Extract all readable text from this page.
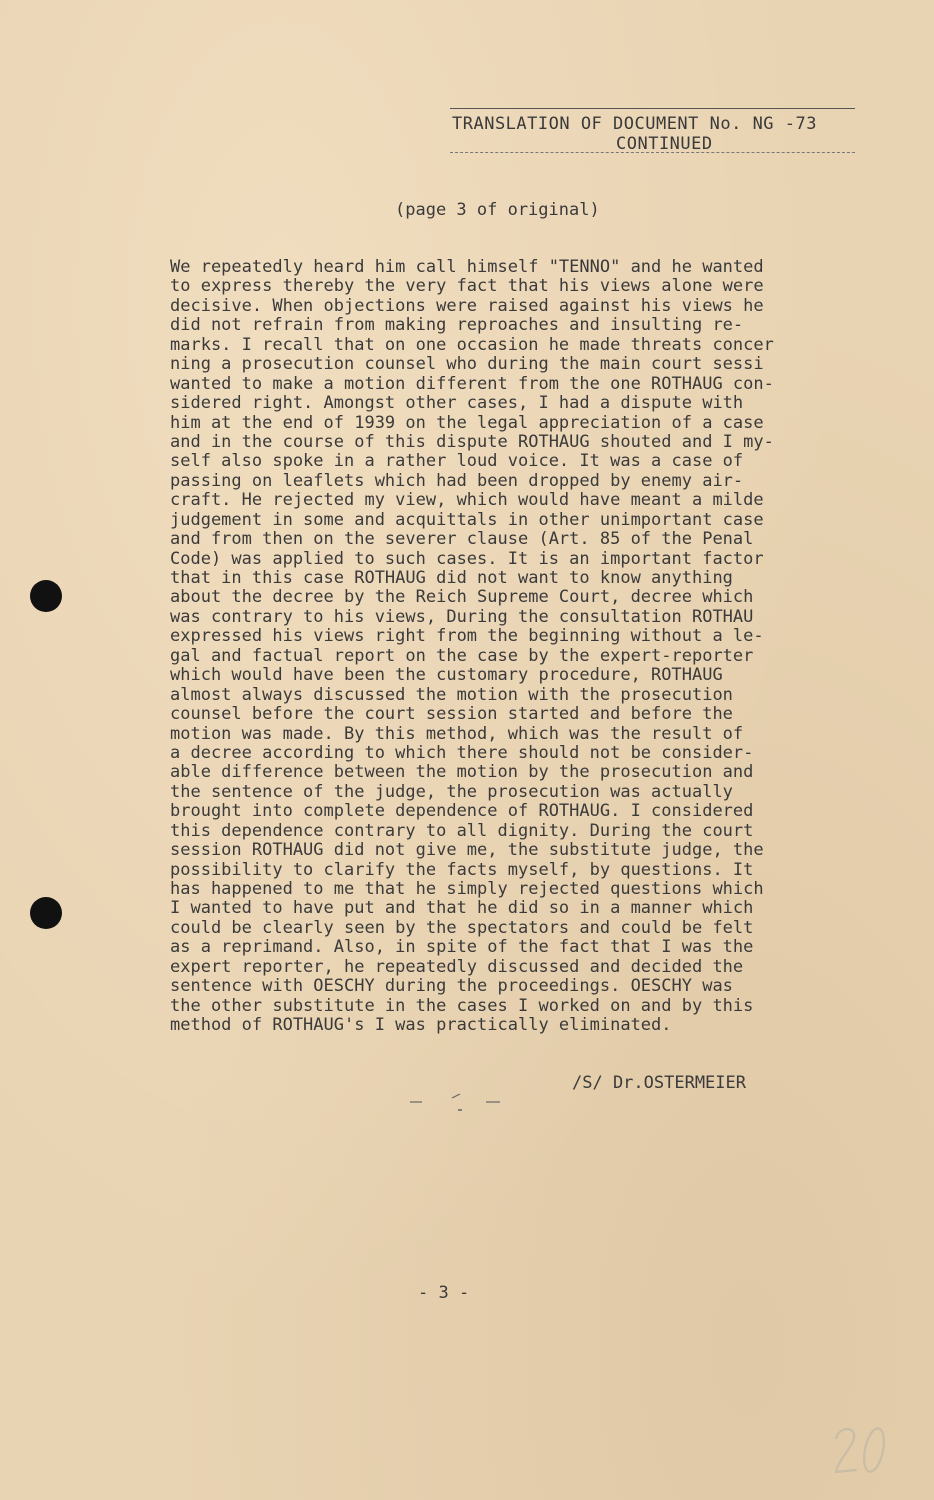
TRANSLATION OF DOCUMENT No. NG -73
CONTINUED
(page 3 of original)
We repeatedly heard him call himself "TENNO" and he wanted
to express thereby the very fact that his views alone were
decisive. When objections were raised against his views he
did not refrain from making reproaches and insulting re-
marks. I recall that on one occasion he made threats concer
ning a prosecution counsel who during the main court sessi
wanted to make a motion different from the one ROTHAUG con-
sidered right. Amongst other cases, I had a dispute with
him at the end of 1939 on the legal appreciation of a case
and in the course of this dispute ROTHAUG shouted and I my-
self also spoke in a rather loud voice. It was a case of
passing on leaflets which had been dropped by enemy air-
craft. He rejected my view, which would have meant a milde
judgement in some and acquittals in other unimportant case
and from then on the severer clause (Art. 85 of the Penal
Code) was applied to such cases. It is an important factor
that in this case ROTHAUG did not want to know anything
about the decree by the Reich Supreme Court, decree which
was contrary to his views, During the consultation ROTHAU
expressed his views right from the beginning without a le-
gal and factual report on the case by the expert-reporter
which would have been the customary procedure, ROTHAUG
almost always discussed the motion with the prosecution
counsel before the court session started and before the
motion was made. By this method, which was the result of
a decree according to which there should not be consider-
able difference between the motion by the prosecution and
the sentence of the judge, the prosecution was actually
brought into complete dependence of ROTHAUG. I considered
this dependence contrary to all dignity. During the court
session ROTHAUG did not give me, the substitute judge, the
possibility to clarify the facts myself, by questions. It
has happened to me that he simply rejected questions which
I wanted to have put and that he did so in a manner which
could be clearly seen by the spectators and could be felt
as a reprimand. Also, in spite of the fact that I was the
expert reporter, he repeatedly discussed and decided the
sentence with OESCHY during the proceedings. OESCHY was
the other substitute in the cases I worked on and by this
method of ROTHAUG's I was practically eliminated.
/S/ Dr.OSTERMEIER
- 3 -
